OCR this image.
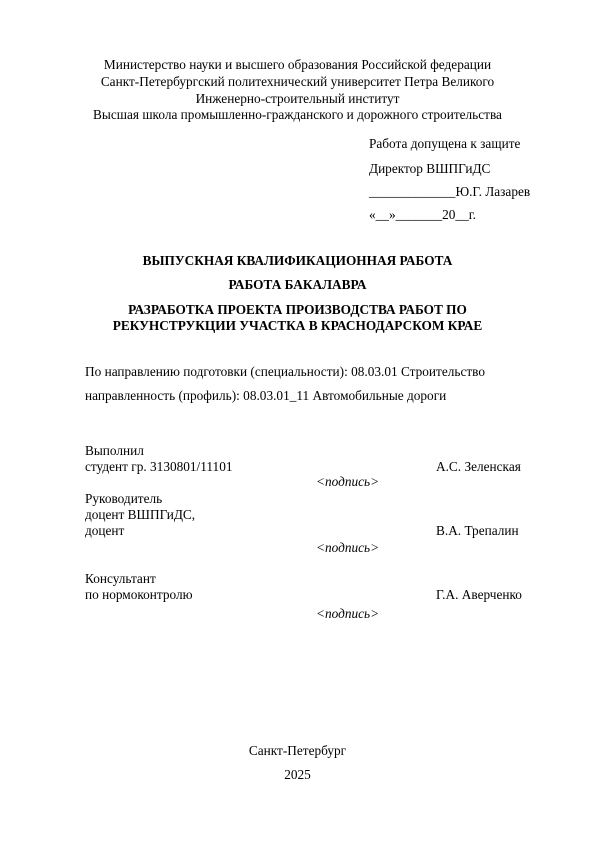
Министерство науки и высшего образования Российской федерации
Санкт-Петербургский политехнический университет Петра Великого
Инженерно-строительный институт
Высшая школа промышленно-гражданского и дорожного строительства
Работа допущена к защите
Директор ВШПГиДС
_____________Ю.Г. Лазарев
«__»_______20__г.
ВЫПУСКНАЯ КВАЛИФИКАЦИОННАЯ РАБОТА
РАБОТА БАКАЛАВРА
РАЗРАБОТКА ПРОЕКТА ПРОИЗВОДСТВА РАБОТ ПО
РЕКУНСТРУКЦИИ УЧАСТКА В КРАСНОДАРСКОМ КРАЕ
По направлению подготовки (специальности): 08.03.01 Строительство
направленность (профиль): 08.03.01_11 Автомобильные дороги
Выполнил
студент гр. 3130801/11101	А.С. Зеленская
<подпись>
Руководитель
доцент ВШПГиДС,
доцент	В.А. Трепалин
<подпись>
Консультант
по нормоконтролю	Г.А. Аверченко
<подпись>
Санкт-Петербург
2025
